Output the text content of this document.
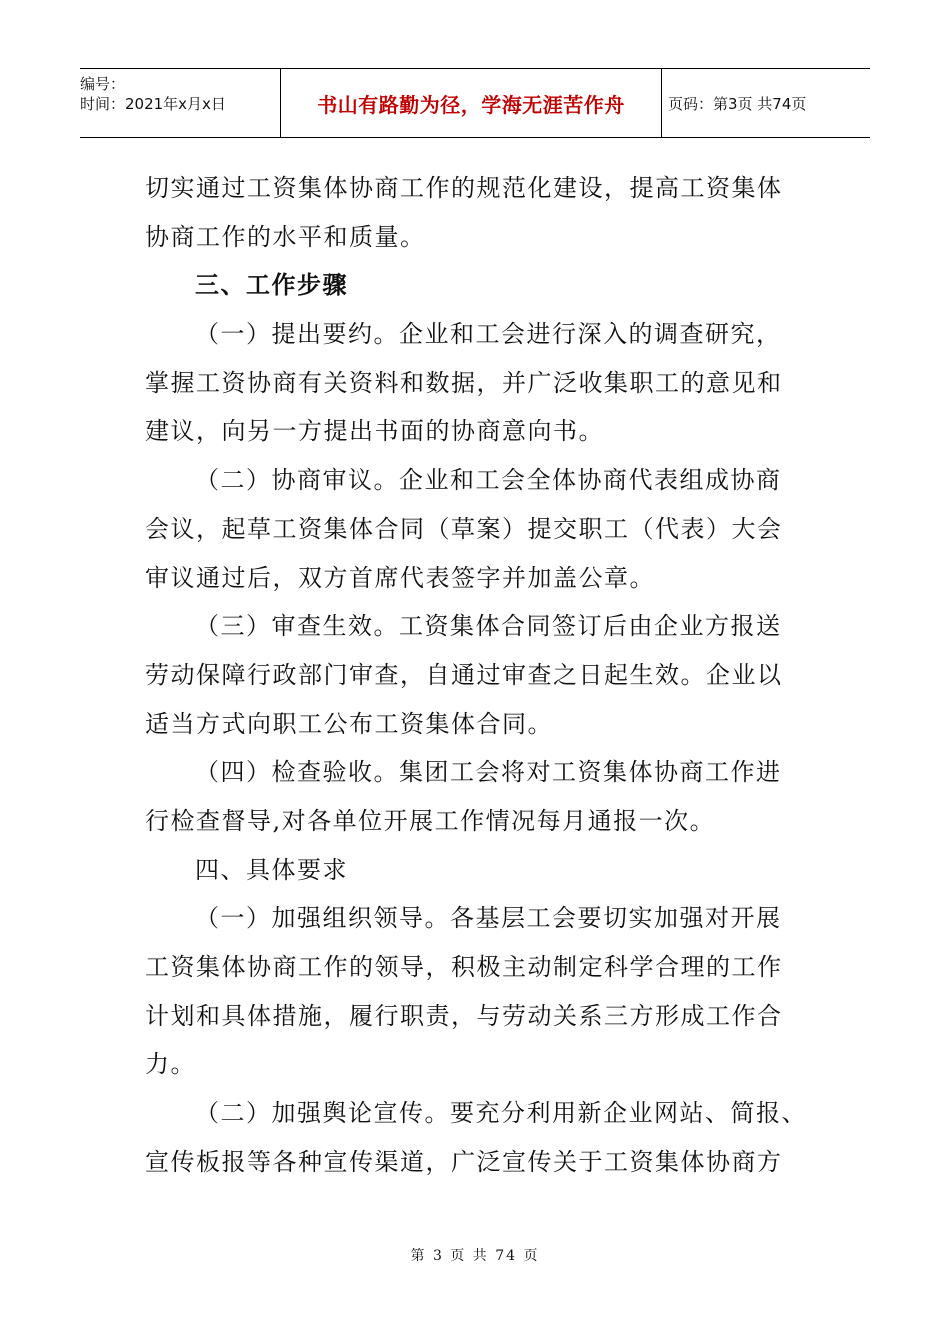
编号：
时间：2021年x月x日	书山有路勤为径，学海无涯苦作舟	页码：第3页 共74页
切实通过工资集体协商工作的规范化建设，提高工资集体
协商工作的水平和质量。
三、工作步骤
（一）提出要约。企业和工会进行深入的调查研究，
掌握工资协商有关资料和数据，并广泛收集职工的意见和
建议，向另一方提出书面的协商意向书。
（二）协商审议。企业和工会全体协商代表组成协商
会议，起草工资集体合同（草案）提交职工（代表）大会
审议通过后，双方首席代表签字并加盖公章。
（三）审查生效。工资集体合同签订后由企业方报送
劳动保障行政部门审查，自通过审查之日起生效。企业以
适当方式向职工公布工资集体合同。
（四）检查验收。集团工会将对工资集体协商工作进
行检查督导,对各单位开展工作情况每月通报一次。
四、具体要求
（一）加强组织领导。各基层工会要切实加强对开展
工资集体协商工作的领导，积极主动制定科学合理的工作
计划和具体措施，履行职责，与劳动关系三方形成工作合
力。
（二）加强舆论宣传。要充分利用新企业网站、简报、
宣传板报等各种宣传渠道，广泛宣传关于工资集体协商方
第 3 页 共 74 页
